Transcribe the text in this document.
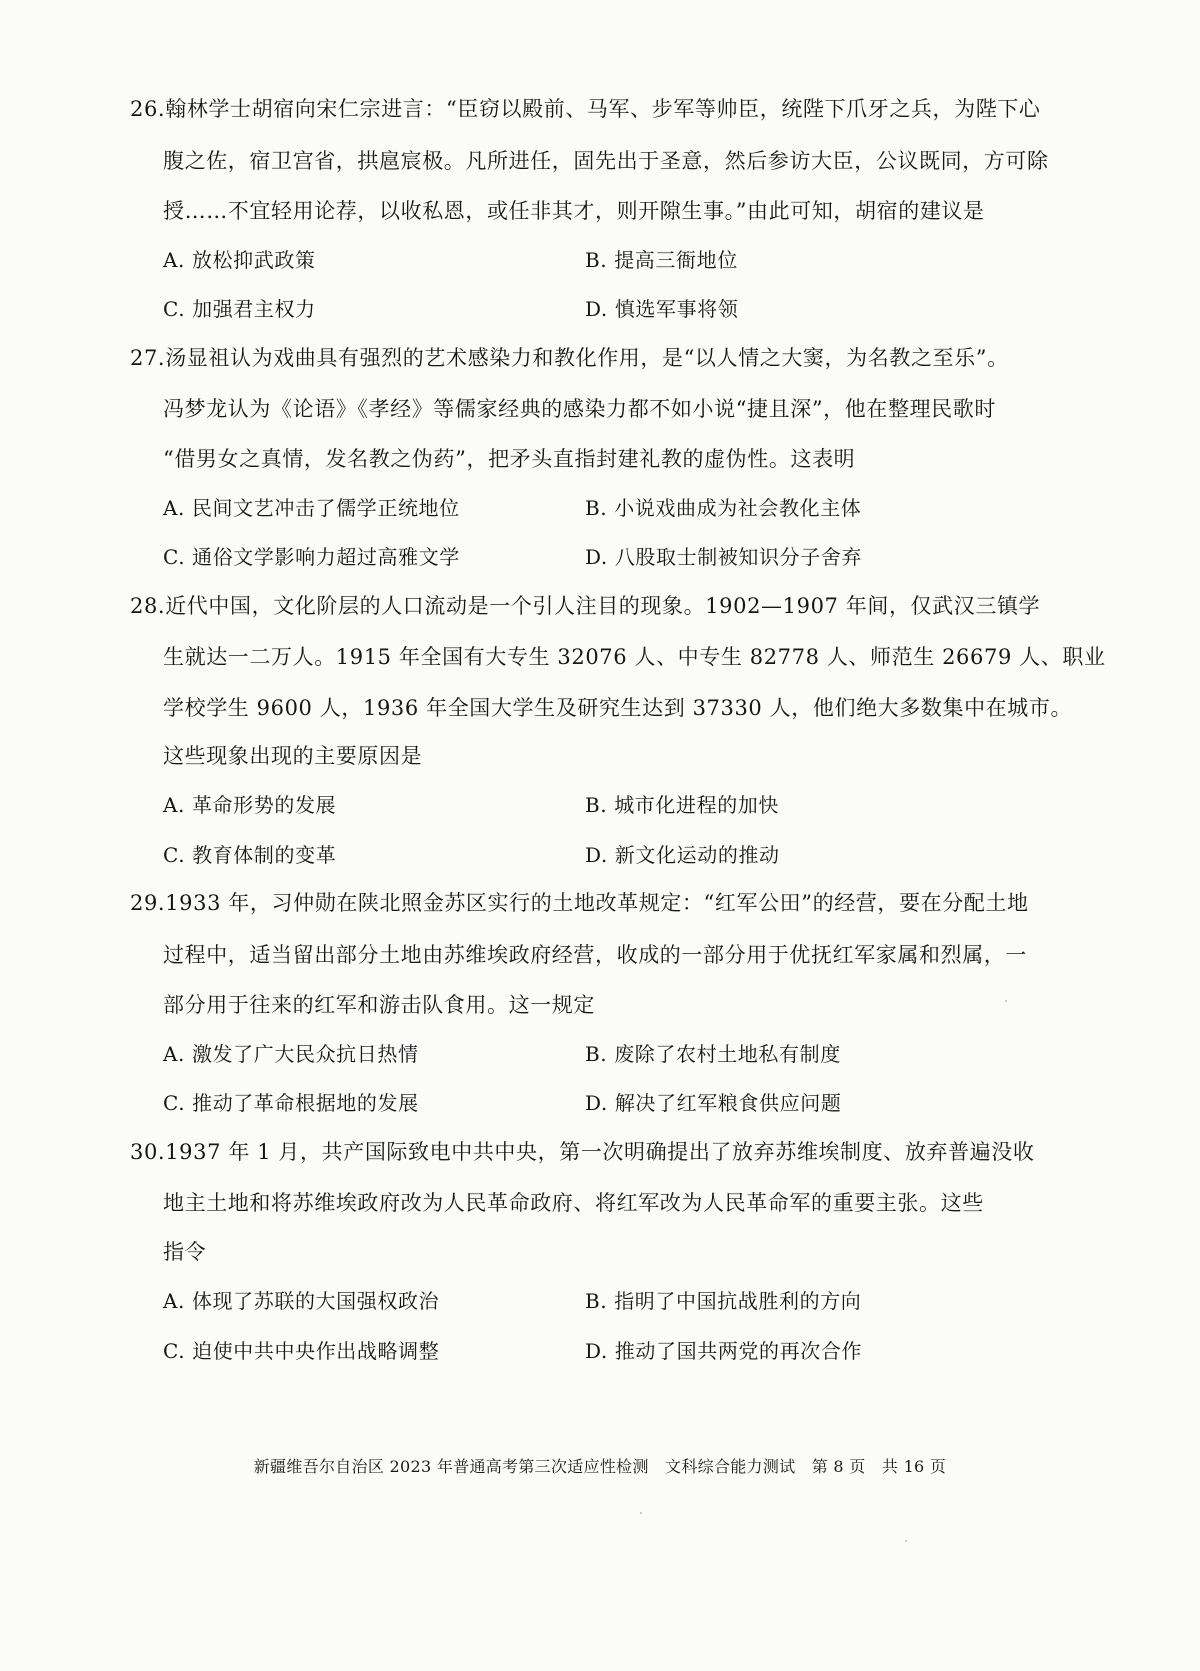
26.翰林学士胡宿向宋仁宗进言：“臣窃以殿前、马军、步军等帅臣，统陛下爪牙之兵，为陛下心
腹之佐，宿卫宫省，拱扈宸极。凡所进任，固先出于圣意，然后参访大臣，公议既同，方可除
授……不宜轻用论荐，以收私恩，或任非其才，则开隙生事。”由此可知，胡宿的建议是
A. 放松抑武政策	B. 提高三衙地位
C. 加强君主权力	D. 慎选军事将领
27.汤显祖认为戏曲具有强烈的艺术感染力和教化作用，是“以人情之大窦，为名教之至乐”。
冯梦龙认为《论语》《孝经》等儒家经典的感染力都不如小说“捷且深”，他在整理民歌时
“借男女之真情，发名教之伪药”，把矛头直指封建礼教的虚伪性。这表明
A. 民间文艺冲击了儒学正统地位	B. 小说戏曲成为社会教化主体
C. 通俗文学影响力超过高雅文学	D. 八股取士制被知识分子舍弃
28.近代中国，文化阶层的人口流动是一个引人注目的现象。1902—1907 年间，仅武汉三镇学
生就达一二万人。1915 年全国有大专生 32076 人、中专生 82778 人、师范生 26679 人、职业
学校学生 9600 人，1936 年全国大学生及研究生达到 37330 人，他们绝大多数集中在城市。
这些现象出现的主要原因是
A. 革命形势的发展	B. 城市化进程的加快
C. 教育体制的变革	D. 新文化运动的推动
29.1933 年，习仲勋在陕北照金苏区实行的土地改革规定：“红军公田”的经营，要在分配土地
过程中，适当留出部分土地由苏维埃政府经营，收成的一部分用于优抚红军家属和烈属，一
部分用于往来的红军和游击队食用。这一规定
A. 激发了广大民众抗日热情	B. 废除了农村土地私有制度
C. 推动了革命根据地的发展	D. 解决了红军粮食供应问题
30.1937 年 1 月，共产国际致电中共中央，第一次明确提出了放弃苏维埃制度、放弃普遍没收
地主土地和将苏维埃政府改为人民革命政府、将红军改为人民革命军的重要主张。这些
指令
A. 体现了苏联的大国强权政治	B. 指明了中国抗战胜利的方向
C. 迫使中共中央作出战略调整	D. 推动了国共两党的再次合作
新疆维吾尔自治区 2023 年普通高考第三次适应性检测　文科综合能力测试　第 8 页　共 16 页
